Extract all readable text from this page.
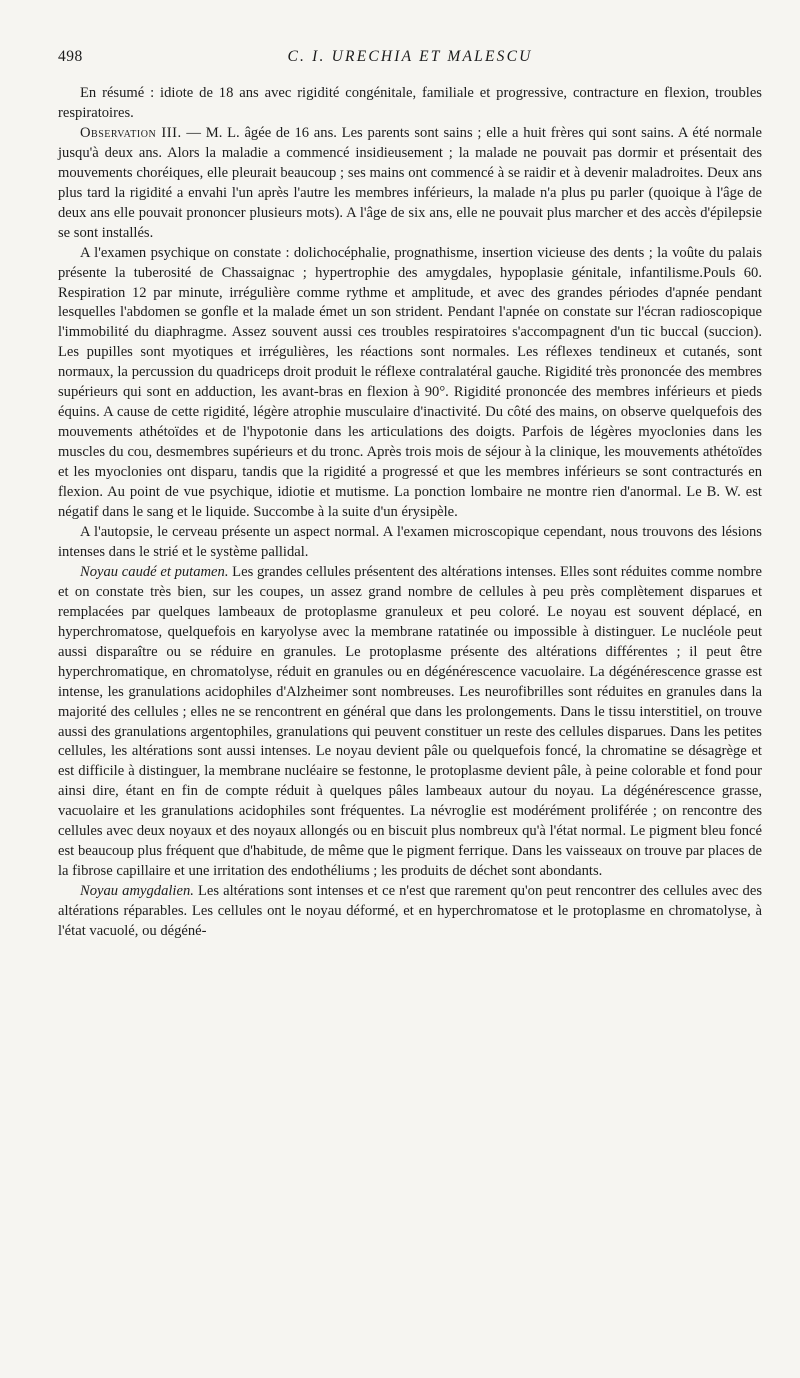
498	C. I. URECHIA ET MALESCU

En résumé : idiote de 18 ans avec rigidité congénitale, familiale et progressive, contracture en flexion, troubles respiratoires.

Observation III. — M. L. âgée de 16 ans. Les parents sont sains ; elle a huit frères qui sont sains. A été normale jusqu'à deux ans. Alors la maladie a commencé insidieusement ; la malade ne pouvait pas dormir et présentait des mouvements choréiques, elle pleurait beaucoup ; ses mains ont commencé à se raidir et à devenir maladroites. Deux ans plus tard la rigidité a envahi l'un après l'autre les membres inférieurs, la malade n'a plus pu parler (quoique à l'âge de deux ans elle pouvait prononcer plusieurs mots). A l'âge de six ans, elle ne pouvait plus marcher et des accès d'épilepsie se sont installés.

A l'examen psychique on constate : dolichocéphalie, prognathisme, insertion vicieuse des dents ; la voûte du palais présente la tuberosité de Chassaignac ; hypertrophie des amygdales, hypoplasie génitale, infantilisme.Pouls 60. Respiration 12 par minute, irrégulière comme rythme et amplitude, et avec des grandes périodes d'apnée pendant lesquelles l'abdomen se gonfle et la malade émet un son strident. Pendant l'apnée on constate sur l'écran radioscopique l'immobilité du diaphragme. Assez souvent aussi ces troubles respiratoires s'accompagnent d'un tic buccal (succion). Les pupilles sont myotiques et irrégulières, les réactions sont normales. Les réflexes tendineux et cutanés, sont normaux, la percussion du quadriceps droit produit le réflexe contralatéral gauche. Rigidité très prononcée des membres supérieurs qui sont en adduction, les avant-bras en flexion à 90°. Rigidité prononcée des membres inférieurs et pieds équins. A cause de cette rigidité, légère atrophie musculaire d'inactivité. Du côté des mains, on observe quelquefois des mouvements athétoïdes et de l'hypotonie dans les articulations des doigts. Parfois de légères myoclonies dans les muscles du cou, desmembres supérieurs et du tronc. Après trois mois de séjour à la clinique, les mouvements athétoïdes et les myoclonies ont disparu, tandis que la rigidité a progressé et que les membres inférieurs se sont contracturés en flexion. Au point de vue psychique, idiotie et mutisme. La ponction lombaire ne montre rien d'anormal. Le B. W. est négatif dans le sang et le liquide. Succombe à la suite d'un érysipèle.

A l'autopsie, le cerveau présente un aspect normal. A l'examen microscopique cependant, nous trouvons des lésions intenses dans le strié et le système pallidal.

Noyau caudé et putamen. Les grandes cellules présentent des altérations intenses. Elles sont réduites comme nombre et on constate très bien, sur les coupes, un assez grand nombre de cellules à peu près complètement disparues et remplacées par quelques lambeaux de protoplasme granuleux et peu coloré. Le noyau est souvent déplacé, en hyperchromatose, quelquefois en karyolyse avec la membrane ratatinée ou impossible à distinguer. Le nucléole peut aussi disparaître ou se réduire en granules. Le protoplasme présente des altérations différentes ; il peut être hyperchromatique, en chromatolyse, réduit en granules ou en dégénérescence vacuolaire. La dégénérescence grasse est intense, les granulations acidophiles d'Alzheimer sont nombreuses. Les neurofibrilles sont réduites en granules dans la majorité des cellules ; elles ne se rencontrent en général que dans les prolongements. Dans le tissu interstitiel, on trouve aussi des granulations argentophiles, granulations qui peuvent constituer un reste des cellules disparues. Dans les petites cellules, les altérations sont aussi intenses. Le noyau devient pâle ou quelquefois foncé, la chromatine se désagrège et est difficile à distinguer, la membrane nucléaire se festonne, le protoplasme devient pâle, à peine colorable et fond pour ainsi dire, étant en fin de compte réduit à quelques pâles lambeaux autour du noyau. La dégénérescence grasse, vacuolaire et les granulations acidophiles sont fréquentes. La névroglie est modérément proliférée ; on rencontre des cellules avec deux noyaux et des noyaux allongés ou en biscuit plus nombreux qu'à l'état normal. Le pigment bleu foncé est beaucoup plus fréquent que d'habitude, de même que le pigment ferrique. Dans les vaisseaux on trouve par places de la fibrose capillaire et une irritation des endothéliums ; les produits de déchet sont abondants.

Noyau amygdalien. Les altérations sont intenses et ce n'est que rarement qu'on peut rencontrer des cellules avec des altérations réparables. Les cellules ont le noyau déformé, et en hyperchromatose et le protoplasme en chromatolyse, à l'état vacuolé, ou dégéné-
